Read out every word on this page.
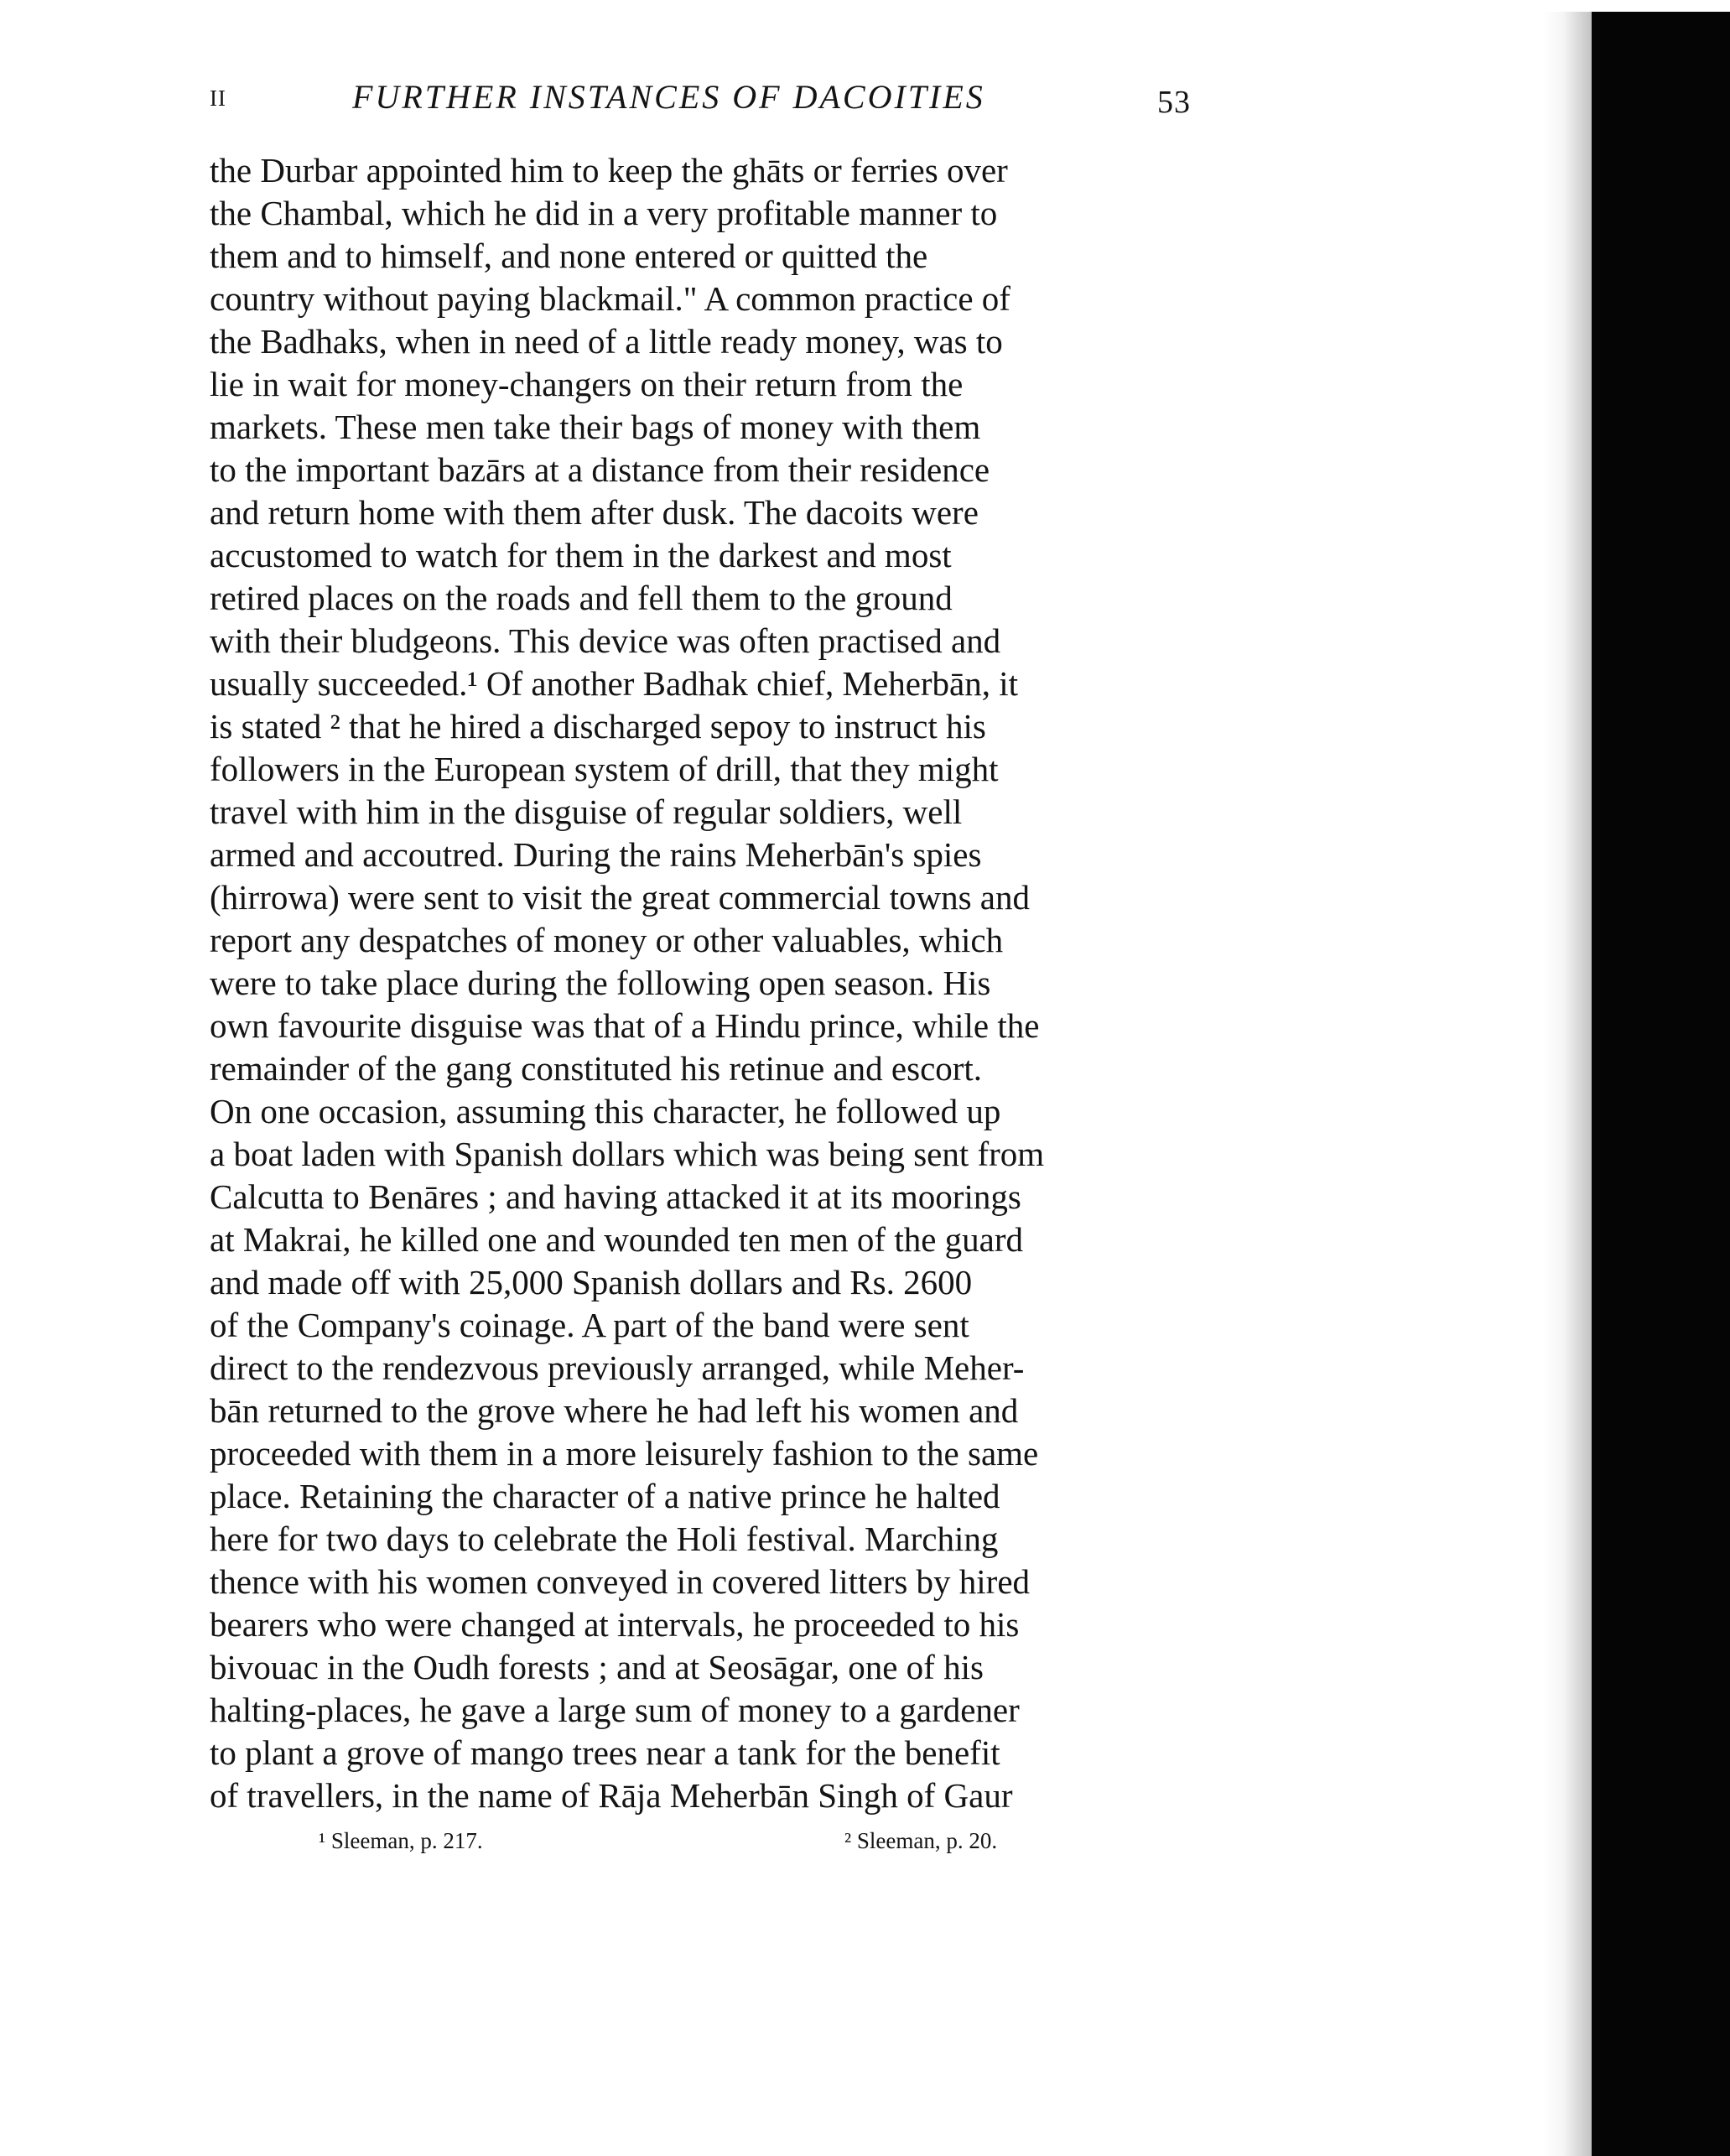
II	FURTHER INSTANCES OF DACOITIES	53
the Durbar appointed him to keep the ghāts or ferries over
the Chambal, which he did in a very profitable manner to
them and to himself, and none entered or quitted the
country without paying blackmail." A common practice of
the Badhaks, when in need of a little ready money, was to
lie in wait for money-changers on their return from the
markets. These men take their bags of money with them
to the important bazārs at a distance from their residence
and return home with them after dusk. The dacoits were
accustomed to watch for them in the darkest and most
retired places on the roads and fell them to the ground
with their bludgeons. This device was often practised and
usually succeeded.¹ Of another Badhak chief, Meherbān, it
is stated ² that he hired a discharged sepoy to instruct his
followers in the European system of drill, that they might
travel with him in the disguise of regular soldiers, well
armed and accoutred. During the rains Meherbān's spies
(hirrowa) were sent to visit the great commercial towns and
report any despatches of money or other valuables, which
were to take place during the following open season. His
own favourite disguise was that of a Hindu prince, while the
remainder of the gang constituted his retinue and escort.
On one occasion, assuming this character, he followed up
a boat laden with Spanish dollars which was being sent from
Calcutta to Benāres ; and having attacked it at its moorings
at Makrai, he killed one and wounded ten men of the guard
and made off with 25,000 Spanish dollars and Rs. 2600
of the Company's coinage. A part of the band were sent
direct to the rendezvous previously arranged, while Meher-
bān returned to the grove where he had left his women and
proceeded with them in a more leisurely fashion to the same
place. Retaining the character of a native prince he halted
here for two days to celebrate the Holi festival. Marching
thence with his women conveyed in covered litters by hired
bearers who were changed at intervals, he proceeded to his
bivouac in the Oudh forests ; and at Seosāgar, one of his
halting-places, he gave a large sum of money to a gardener
to plant a grove of mango trees near a tank for the benefit
of travellers, in the name of Rāja Meherbān Singh of Gaur
¹ Sleeman, p. 217.	² Sleeman, p. 20.
